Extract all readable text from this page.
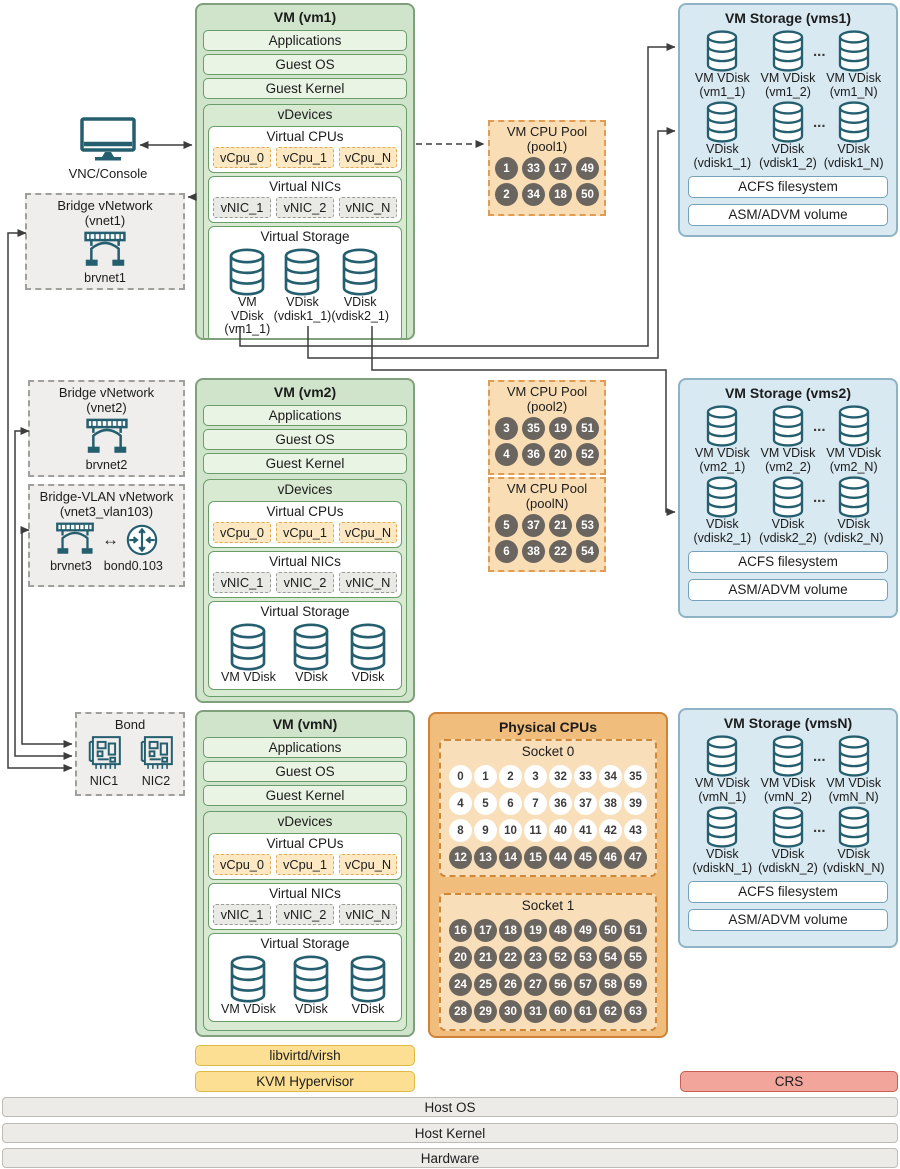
VNC/Console
Bridge vNetwork
(vnet1)
brvnet1
Bridge vNetwork
(vnet2)
brvnet2
Bridge-VLAN vNetwork
(vnet3_vlan103)
↔
brvnet3 bond0.103
Bond
NIC1 NIC2
VM (vm1)
Applications
Guest OS
Guest Kernel
vDevices
Virtual CPUs
vCpu_0	vCpu_1	vCpu_N
Virtual NICs
vNIC_1	vNIC_2	vNIC_N
Virtual Storage
VM VDisk
(vm1_1)
VDisk
(vdisk1_1)
VDisk
(vdisk2_1)
VM (vm2)
Applications
Guest OS
Guest Kernel
vDevices
Virtual CPUs
vCpu_0	vCpu_1	vCpu_N
Virtual NICs
vNIC_1	vNIC_2	vNIC_N
Virtual Storage
VM VDisk VDisk VDisk
VM (vmN)
Applications
Guest OS
Guest Kernel
vDevices
Virtual CPUs
vCpu_0	vCpu_1	vCpu_N
Virtual NICs
vNIC_1	vNIC_2	vNIC_N
Virtual Storage
VM VDisk VDisk VDisk
VM CPU Pool
(pool1)
1	33	17	49
2	34	18	50
VM CPU Pool
(pool2)
3	35	19	51
4	36	20	52
VM CPU Pool
(poolN)
5	37	21	53
6	38	22	54
Physical CPUs
Socket 0
0	1	2	3	32	33	34	35
4	5	6	7	36	37	38	39
8	9	10	11	40	41	42	43
12	13	14	15	44	45	46	47
Socket 1
16	17	18	19	48	49	50	51
20	21	22	23	52	53	54	55
24	25	26	27	56	57	58	59
28	29	30	31	60	61	62	63
VM Storage (vms1)
VM VDisk
(vm1_1)
VM VDisk
(vm1_2)
VM VDisk
(vm1_N)
...
VDisk
(vdisk1_1)
VDisk
(vdisk1_2)
VDisk
(vdisk1_N)
...
ACFS filesystem
ASM/ADVM volume
VM Storage (vms2)
VM VDisk
(vm2_1)
VM VDisk
(vm2_2)
VM VDisk
(vm2_N)
...
VDisk
(vdisk2_1)
VDisk
(vdisk2_2)
VDisk
(vdisk2_N)
...
ACFS filesystem
ASM/ADVM volume
VM Storage (vmsN)
VM VDisk
(vmN_1)
VM VDisk
(vmN_2)
VM VDisk
(vmN_N)
...
VDisk
(vdiskN_1)
VDisk
(vdiskN_2)
VDisk
(vdiskN_N)
...
ACFS filesystem
ASM/ADVM volume
libvirtd/virsh
KVM Hypervisor	CRS
Host OS
Host Kernel
Hardware
